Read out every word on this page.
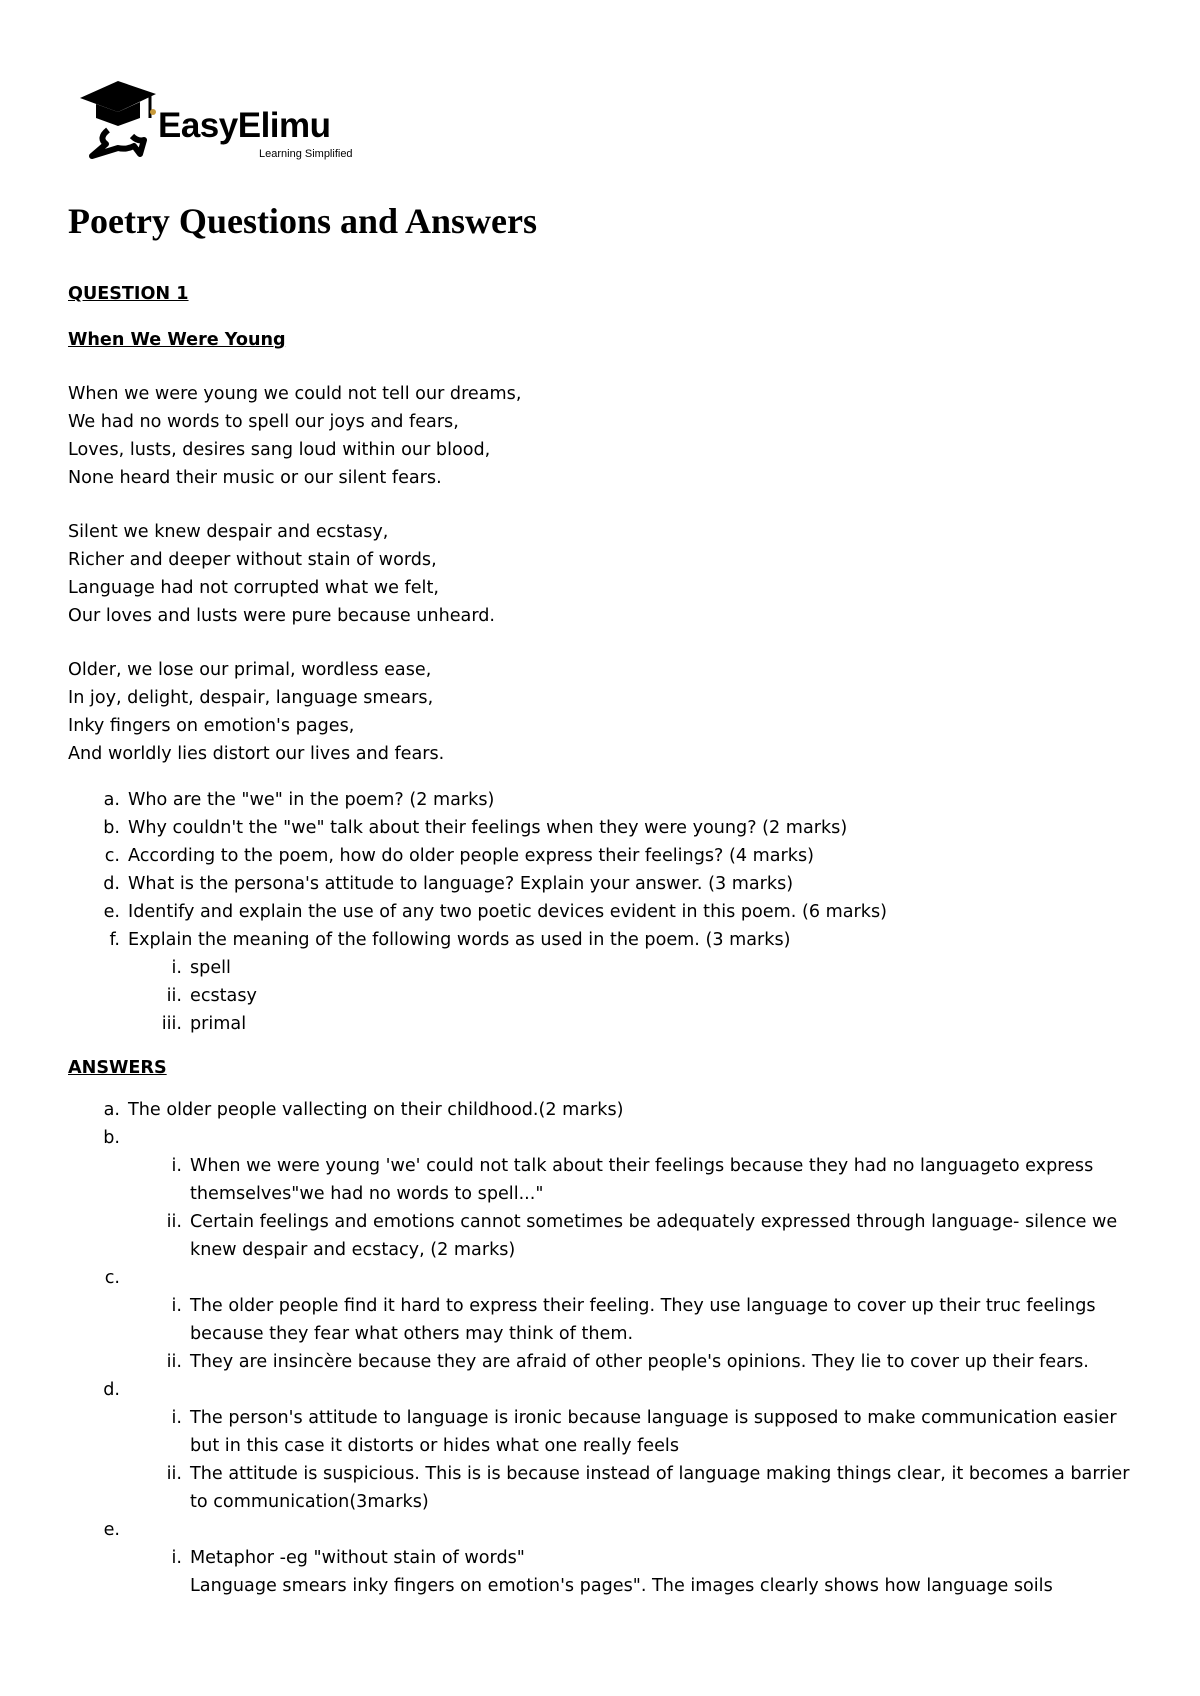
EasyElimu
Learning Simplified
Poetry Questions and Answers

QUESTION 1

When We Were Young

When we were young we could not tell our dreams,
We had no words to spell our joys and fears,
Loves, lusts, desires sang loud within our blood,
None heard their music or our silent fears.
Silent we knew despair and ecstasy,
Richer and deeper without stain of words,
Language had not corrupted what we felt,
Our loves and lusts were pure because unheard.
Older, we lose our primal, wordless ease,
In joy, delight, despair, language smears,
Inky fingers on emotion's pages,
And worldly lies distort our lives and fears.
a. Who are the "we" in the poem? (2 marks)
b. Why couldn't the "we" talk about their feelings when they were young? (2 marks)
c. According to the poem, how do older people express their feelings? (4 marks)
d. What is the persona's attitude to language? Explain your answer. (3 marks)
e. Identify and explain the use of any two poetic devices evident in this poem. (6 marks)
f. Explain the meaning of the following words as used in the poem. (3 marks)
i. spell
ii. ecstasy
iii. primal

ANSWERS

a. The older people vallecting on their childhood.(2 marks)
b.
i. When we were young 'we' could not talk about their feelings because they had no languageto express themselves"we had no words to spell..."
ii. Certain feelings and emotions cannot sometimes be adequately expressed through language- silence we knew despair and ecstacy, (2 marks)
c.
i. The older people find it hard to express their feeling. They use language to cover up their truc feelings because they fear what others may think of them.
ii. They are insincère because they are afraid of other people's opinions. They lie to cover up their fears.
d.
i. The person's attitude to language is ironic because language is supposed to make communication easier but in this case it distorts or hides what one really feels
ii. The attitude is suspicious. This is is because instead of language making things clear, it becomes a barrier to communication(3marks)
e.
i. Metaphor -eg "without stain of words"
Language smears inky fingers on emotion's pages". The images clearly shows how language soils
